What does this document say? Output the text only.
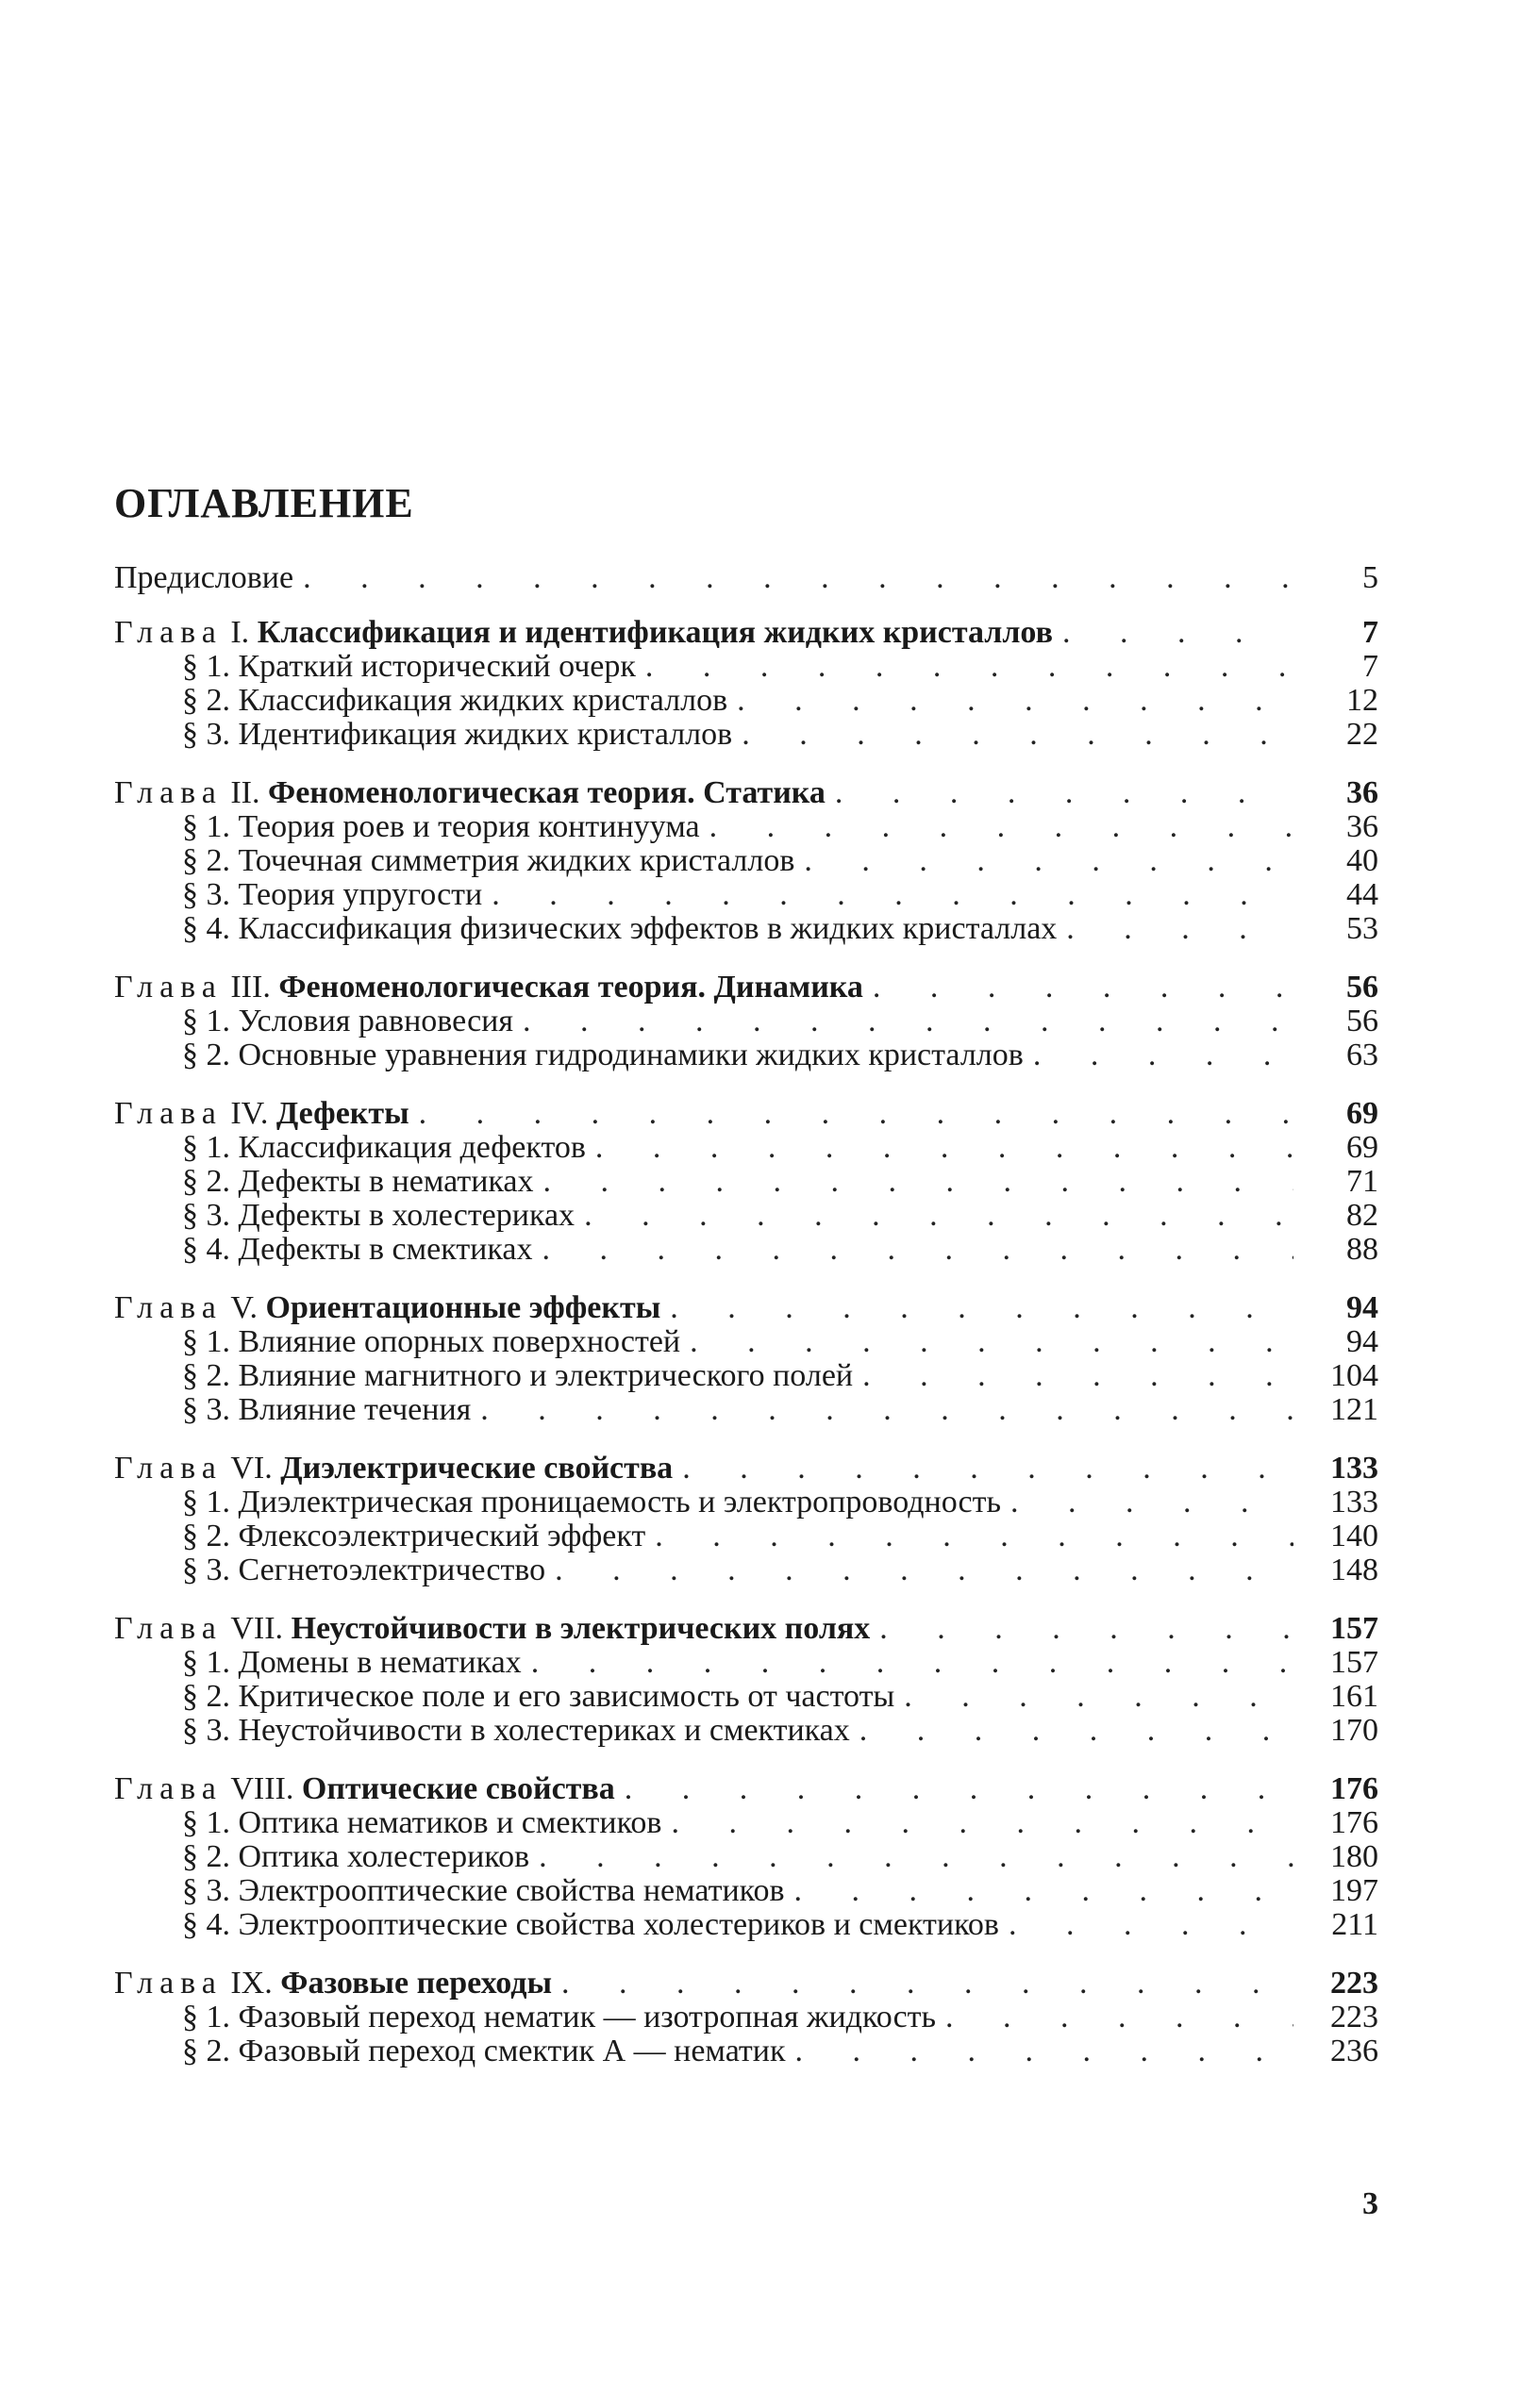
ОГЛАВЛЕНИЕ
Предисловие . . .	5
Глава I. Классификация и идентификация жидких кристаллов . . .	7
§ 1. Краткий исторический очерк . . .	7
§ 2. Классификация жидких кристаллов . . .	12
§ 3. Идентификация жидких кристаллов . . .	22
Глава II. Феноменологическая теория. Статика . . .	36
§ 1. Теория роев и теория континуума . . .	36
§ 2. Точечная симметрия жидких кристаллов . . .	40
§ 3. Теория упругости . . .	44
§ 4. Классификация физических эффектов в жидких кристаллах . . .	53
Глава III. Феноменологическая теория. Динамика . . .	56
§ 1. Условия равновесия . . .	56
§ 2. Основные уравнения гидродинамики жидких кристаллов . . .	63
Глава IV. Дефекты . . .	69
§ 1. Классификация дефектов . . .	69
§ 2. Дефекты в нематиках . . .	71
§ 3. Дефекты в холестериках . . .	82
§ 4. Дефекты в смектиках . . .	88
Глава V. Ориентационные эффекты . . .	94
§ 1. Влияние опорных поверхностей . . .	94
§ 2. Влияние магнитного и электрического полей . . .	104
§ 3. Влияние течения . . .	121
Глава VI. Диэлектрические свойства . . .	133
§ 1. Диэлектрическая проницаемость и электропроводность . . .	133
§ 2. Флексоэлектрический эффект . . .	140
§ 3. Сегнетоэлектричество . . .	148
Глава VII. Неустойчивости в электрических полях . . .	157
§ 1. Домены в нематиках . . .	157
§ 2. Критическое поле и его зависимость от частоты . . .	161
§ 3. Неустойчивости в холестериках и смектиках . . .	170
Глава VIII. Оптические свойства . . .	176
§ 1. Оптика нематиков и смектиков . . .	176
§ 2. Оптика холестериков . . .	180
§ 3. Электрооптические свойства нематиков . . .	197
§ 4. Электрооптические свойства холестериков и смектиков . . .	211
Глава IX. Фазовые переходы . . .	223
§ 1. Фазовый переход нематик — изотропная жидкость . . .	223
§ 2. Фазовый переход смектик А — нематик . . .	236
3
